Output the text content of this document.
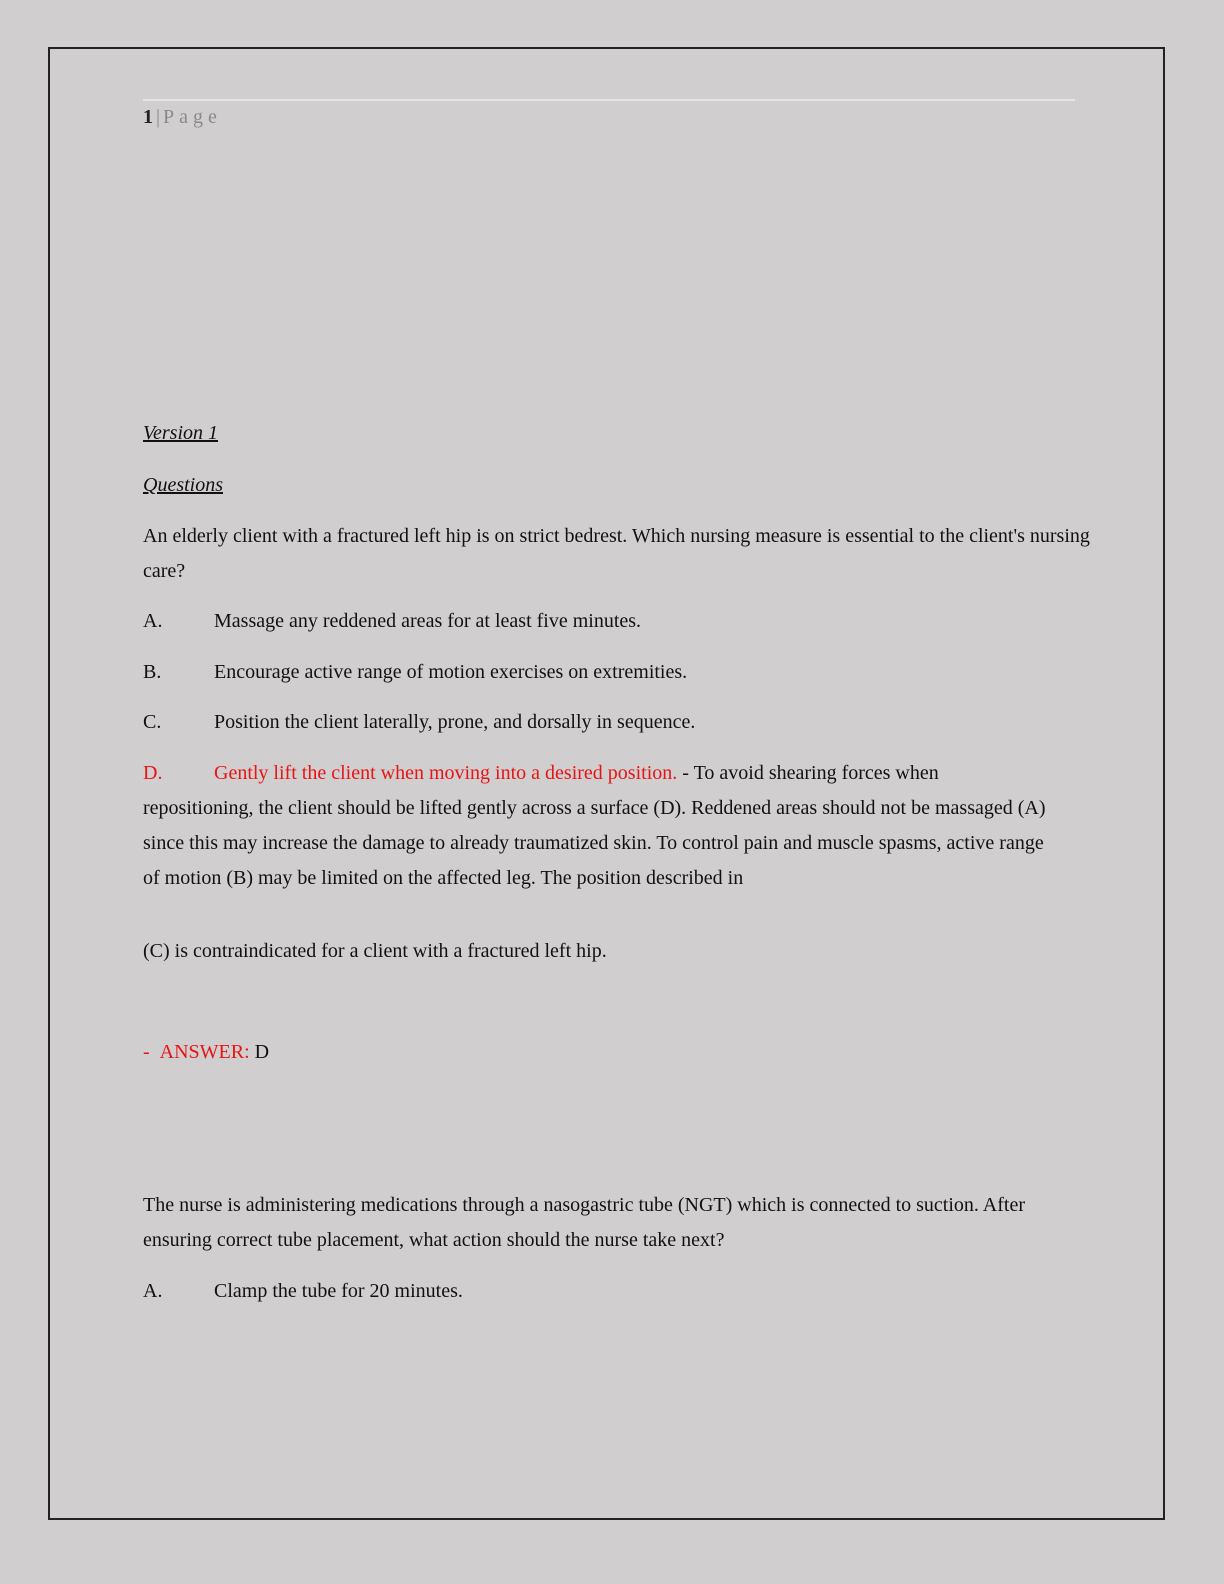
1 | Page
Version 1
Questions
An elderly client with a fractured left hip is on strict bedrest. Which nursing measure is essential to the client's nursing care?
A.	Massage any reddened areas for at least five minutes.
B.	Encourage active range of motion exercises on extremities.
C.	Position the client laterally, prone, and dorsally in sequence.
D.	Gently lift the client when moving into a desired position. - To avoid shearing forces when repositioning, the client should be lifted gently across a surface (D). Reddened areas should not be massaged (A) since this may increase the damage to already traumatized skin. To control pain and muscle spasms, active range of motion (B) may be limited on the affected leg. The position described in
(C) is contraindicated for a client with a fractured left hip.
- ANSWER: D
The nurse is administering medications through a nasogastric tube (NGT) which is connected to suction. After ensuring correct tube placement, what action should the nurse take next?
A.	Clamp the tube for 20 minutes.
